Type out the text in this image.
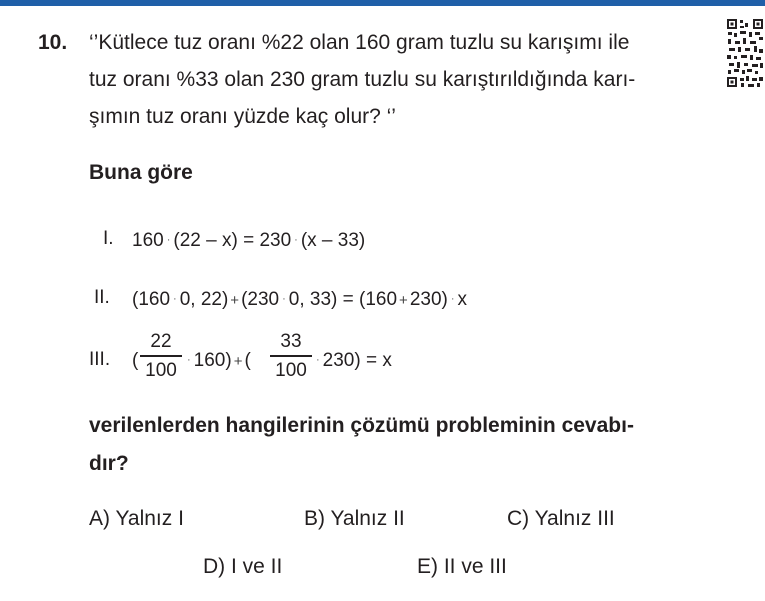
10. ‘’Kütlece tuz oranı %22 olan 160 gram tuzlu su karışımı ile
tuz oranı %33 olan 230 gram tuzlu su karıştırıldığında karı-
şımın tuz oranı yüzde kaç olur? ‘’
Buna göre
I. 160 · (22 – x) = 230 · (x – 33)
II. (160 · 0, 22) + (230 · 0, 33) = (160 + 230) · x
III. (
22
100 · 160) + (
33
100 · 230) = x
verilenlerden hangilerinin çözümü probleminin cevabı-
dır?
A) Yalnız I	B) Yalnız II	C) Yalnız III
D) I ve II	E) II ve III
